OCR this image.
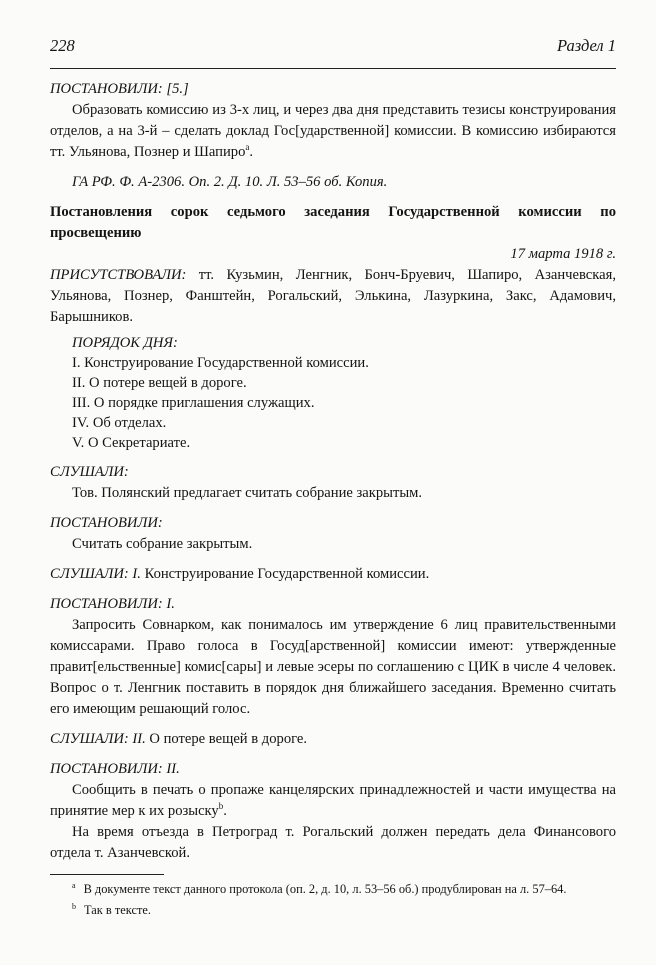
228	Раздел 1

ПОСТАНОВИЛИ: [5.]

Образовать комиссию из 3-х лиц, и через два дня представить тезисы конструирования отделов, а на 3-й – сделать доклад Гос[ударственной] комиссии. В комиссию избираются тт. Ульянова, Познер и Шапиро$^а$.

ГА РФ. Ф. А-2306. Оп. 2. Д. 10. Л. 53–56 об. Копия.

Постановления сорок седьмого заседания Государственной комиссии по просвещению

17 марта 1918 г.

ПРИСУТСТВОВАЛИ: тт. Кузьмин, Ленгник, Бонч-Бруевич, Шапиро, Азанчевская, Ульянова, Познер, Фанштейн, Рогальский, Элькина, Лазуркина, Закс, Адамович, Барышников.

ПОРЯДОК ДНЯ:

I. Конструирование Государственной комиссии.

II. О потере вещей в дороге.

III. О порядке приглашения служащих.

IV. Об отделах.

V. О Секретариате.

СЛУШАЛИ:

Тов. Полянский предлагает считать собрание закрытым.

ПОСТАНОВИЛИ:

Считать собрание закрытым.

СЛУШАЛИ: I. Конструирование Государственной комиссии.

ПОСТАНОВИЛИ: I.

Запросить Совнарком, как понималось им утверждение 6 лиц правительственными комиссарами. Право голоса в Госуд[арственной] комиссии имеют: утвержденные правит[ельственные] комис[сары] и левые эсеры по соглашению с ЦИК в числе 4 человек. Вопрос о т. Ленгник поставить в порядок дня ближайшего заседания. Временно считать его имеющим решающий голос.

СЛУШАЛИ: II. О потере вещей в дороге.

ПОСТАНОВИЛИ: II.

Сообщить в печать о пропаже канцелярских принадлежностей и части имущества на принятие мер к их розыску$^b$.

На время отъезда в Петроград т. Рогальский должен передать дела Финансового отдела т. Азанчевской.

$^a$ В документе текст данного протокола (оп. 2, д. 10, л. 53–56 об.) продублирован на л. 57–64.

$^b$ Так в тексте.
